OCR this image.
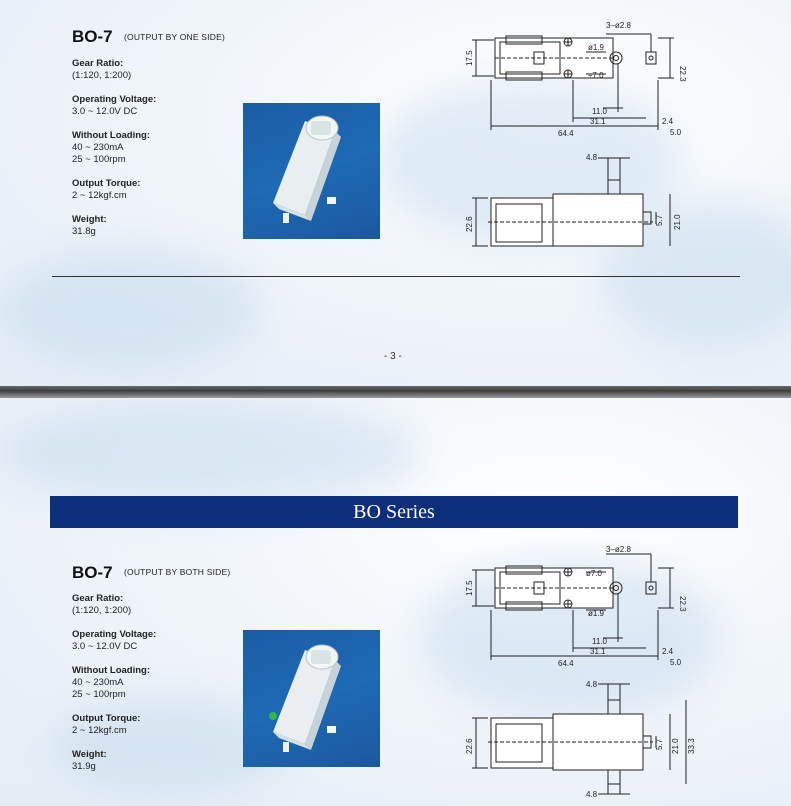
BO-7 (OUTPUT BY ONE SIDE)
Gear Ratio:
(1:120, 1:200)
Operating Voltage:
3.0 ~ 12.0V DC
Without Loading:
40 ~ 230mA
25 ~ 100rpm
Output Torque:
2 ~ 12kgf.cm
Weight:
31.8g
3–ø2.8
ø1.9
÷7.0
17.5
22.3
11.0
31.1	2.4
64.4	5.0
4.8
22.6	5.7 21.0
- 3 -
BO Series
BO-7 (OUTPUT BY BOTH SIDE)
Gear Ratio:
(1:120, 1:200)
Operating Voltage:
3.0 ~ 12.0V DC
Without Loading:
40 ~ 230mA
25 ~ 100rpm
Output Torque:
2 ~ 12kgf.cm
Weight:
31.9g
3–ø2.8
ø7.0
ø1.9
17.5
22.3
11.0
31.1	2.4
64.4	5.0
4.8
22.6	5.7 21.0 33.3
4.8
